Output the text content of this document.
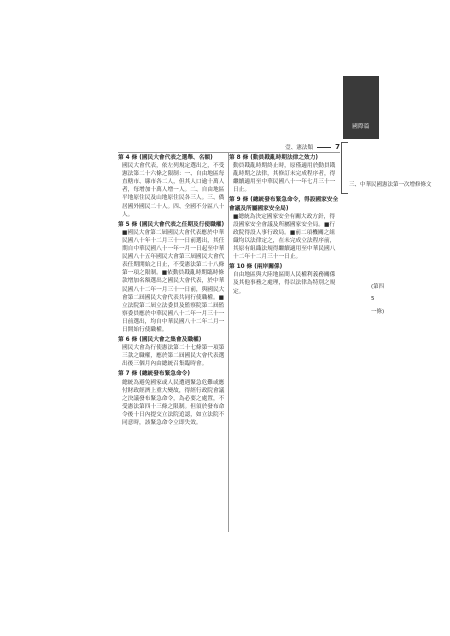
國際篇
壹、憲法類	7
三、中華民國憲法第一次增修條文
(第四
5
一條)
第 4 條 (國民大會代表之選舉、名額)
國民大會代表，依左列規定選出之，不受憲法第二十六條之限制：一、自由地區每直轄市、縣市各二人，但其人口逾十萬人者，每增加十萬人增一人。二、自由地區平地原住民及山地原住民各三人。三、僑居國外國民二十人。四、全國不分區八十人。
第 5 條 (國民大會代表之任期及行使職權)
■國民大會第二屆國民大會代表應於中華民國八十年十二月三十一日前選出，其任期自中華民國八十一年一月一日起至中華民國八十五年國民大會第三屆國民大會代表任期開始之日止，不受憲法第二十八條第一項之限制。■依動員戡亂時期臨時條款增加名額選出之國民大會代表，於中華民國八十二年一月三十一日前，與國民大會第二屆國民大會代表共同行使職權。■立法院第二屆立法委員及監察院第二屆監察委員應於中華民國八十二年一月三十一日前選出，均自中華民國八十二年二月一日開始行使職權。
第 6 條 (國民大會之集會及職權)
國民大會為行使憲法第二十七條第一項第三款之職權，應於第二屆國民大會代表選出後三個月內由總統召集臨時會。
第 7 條 (總統發布緊急命令)
總統為避免國家或人民遭遇緊急危難或應付財政經濟上重大變故，得經行政院會議之決議發布緊急命令，為必要之處置，不受憲法第四十三條之限制。但須於發布命令後十日內提交立法院追認，如立法院不同意時，該緊急命令立即失效。
第 8 條 (動員戡亂時期法律之效力)
動員戡亂時期終止時，原僅適用於動員戡亂時期之法律，其修訂未完成程序者，得繼續適用至中華民國八十一年七月三十一日止。
第 9 條 (總統發布緊急命令，得設國家安全會議及所屬國家安全局)
■總統為決定國家安全有關大政方針，得設國家安全會議及所屬國家安全局。■行政院得設人事行政局。■前二項機關之組織均以法律定之，在未完成立法程序前，其原有組織法規得繼續適用至中華民國八十二年十二月三十一日止。
第 10 條 (兩岸關係)
自由地區與大陸地區間人民權利義務關係及其他事務之處理，得以法律為特別之規定。
